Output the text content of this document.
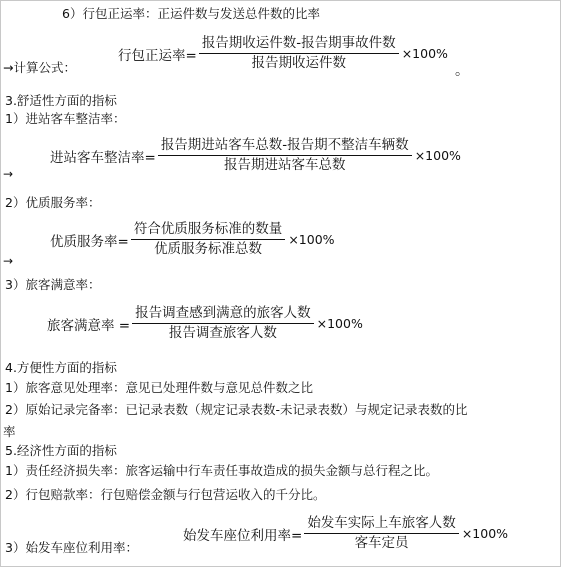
6）行包正运率：正运件数与发送总件数的比率
行包正运率= $\frac{\text{报告期收运件数-报告期事故件数}}{\text{报告期收运件数}} \times 100\%$
→计算公式：	。
3.舒适性方面的指标
1）进站客车整洁率：
进站客车整洁率= $\frac{\text{报告期进站客车总数-报告期不整洁车辆数}}{\text{报告期进站客车总数}} \times 100\%$
→
2）优质服务率：
优质服务率= $\frac{\text{符合优质服务标准的数量}}{\text{优质服务标准总数}} \times 100\%$
→
3）旅客满意率：
旅客满意率 = $\frac{\text{报告调查感到满意的旅客人数}}{\text{报告调查旅客人数}} \times 100\%$
4.方便性方面的指标
1）旅客意见处理率：意见已处理件数与意见总件数之比
2）原始记录完备率：已记录表数（规定记录表数-未记录表数）与规定记录表数的比
率
5.经济性方面的指标
1）责任经济损失率：旅客运输中行车责任事故造成的损失金额与总行程之比。
2）行包赔款率：行包赔偿金额与行包营运收入的千分比。
3）始发车座位利用率：
始发车座位利用率= $\frac{\text{始发车实际上车旅客人数}}{\text{客车定员}} \times 100\%$
